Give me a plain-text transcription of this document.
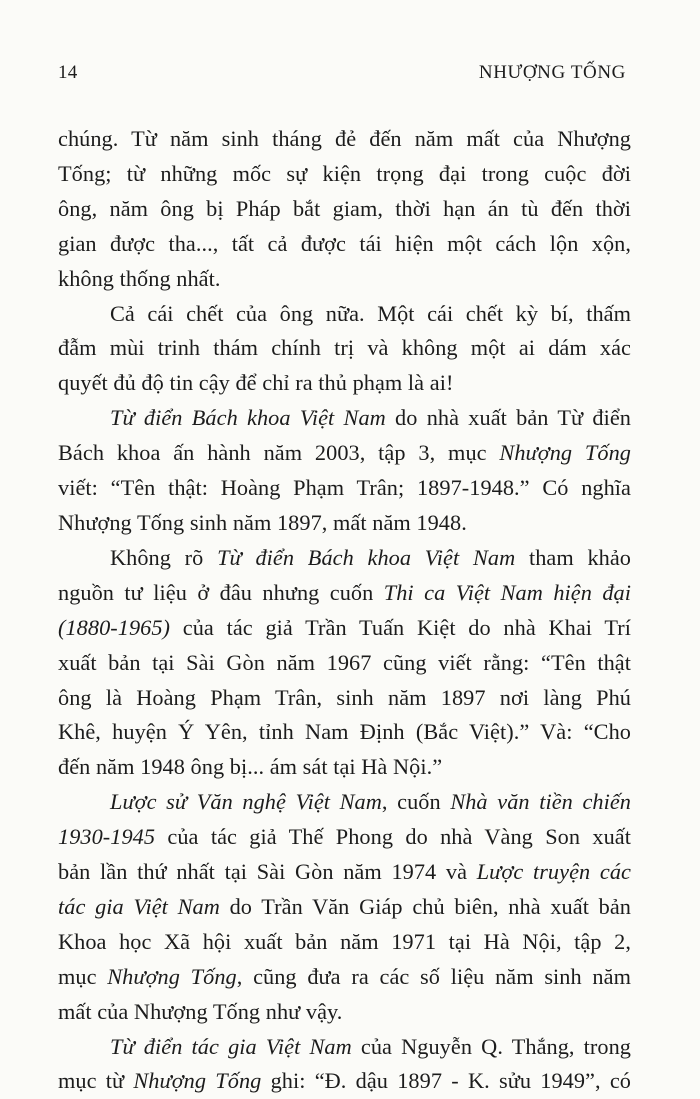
14	NHƯỢNG TỐNG
chúng. Từ năm sinh tháng đẻ đến năm mất của Nhượng
Tống; từ những mốc sự kiện trọng đại trong cuộc đời
ông, năm ông bị Pháp bắt giam, thời hạn án tù đến thời
gian được tha..., tất cả được tái hiện một cách lộn xộn,
không thống nhất.
Cả cái chết của ông nữa. Một cái chết kỳ bí, thấm
đẫm mùi trinh thám chính trị và không một ai dám xác
quyết đủ độ tin cậy để chỉ ra thủ phạm là ai!
Từ điển Bách khoa Việt Nam do nhà xuất bản Từ điển
Bách khoa ấn hành năm 2003, tập 3, mục Nhượng Tống
viết: “Tên thật: Hoàng Phạm Trân; 1897-1948.” Có nghĩa
Nhượng Tống sinh năm 1897, mất năm 1948.
Không rõ Từ điển Bách khoa Việt Nam tham khảo
nguồn tư liệu ở đâu nhưng cuốn Thi ca Việt Nam hiện đại
(1880-1965) của tác giả Trần Tuấn Kiệt do nhà Khai Trí
xuất bản tại Sài Gòn năm 1967 cũng viết rằng: “Tên thật
ông là Hoàng Phạm Trân, sinh năm 1897 nơi làng Phú
Khê, huyện Ý Yên, tỉnh Nam Định (Bắc Việt).” Và: “Cho
đến năm 1948 ông bị... ám sát tại Hà Nội.”
Lược sử Văn nghệ Việt Nam, cuốn Nhà văn tiền chiến
1930-1945 của tác giả Thế Phong do nhà Vàng Son xuất
bản lần thứ nhất tại Sài Gòn năm 1974 và Lược truyện các
tác gia Việt Nam do Trần Văn Giáp chủ biên, nhà xuất bản
Khoa học Xã hội xuất bản năm 1971 tại Hà Nội, tập 2,
mục Nhượng Tống, cũng đưa ra các số liệu năm sinh năm
mất của Nhượng Tống như vậy.
Từ điển tác gia Việt Nam của Nguyễn Q. Thắng, trong
mục từ Nhượng Tống ghi: “Đ. dậu 1897 - K. sửu 1949”, có
